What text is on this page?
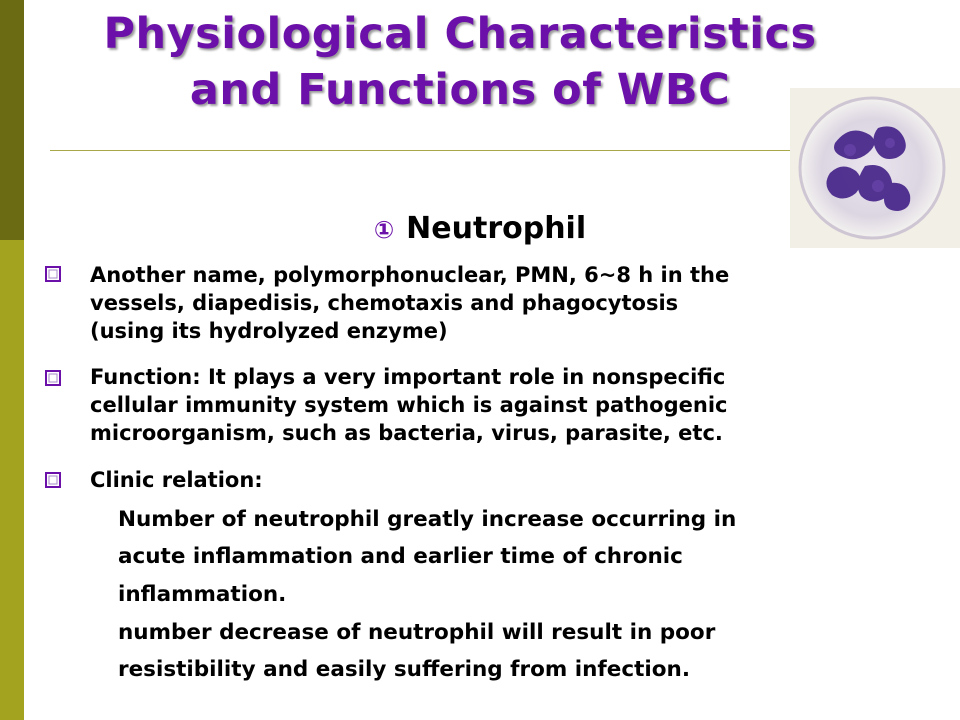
Physiological Characteristics
and Functions of WBC
① Neutrophil
Another name, polymorphonuclear, PMN, 6~8 h in the
vessels, diapedisis, chemotaxis and phagocytosis
(using its hydrolyzed enzyme)
Function: It plays a very important role in nonspecific
cellular immunity system which is against pathogenic
microorganism, such as bacteria, virus, parasite, etc.
Clinic relation:
Number of neutrophil greatly increase occurring in
acute inflammation and earlier time of chronic
inflammation.
number decrease of neutrophil will result in poor
resistibility and easily suffering from infection.
